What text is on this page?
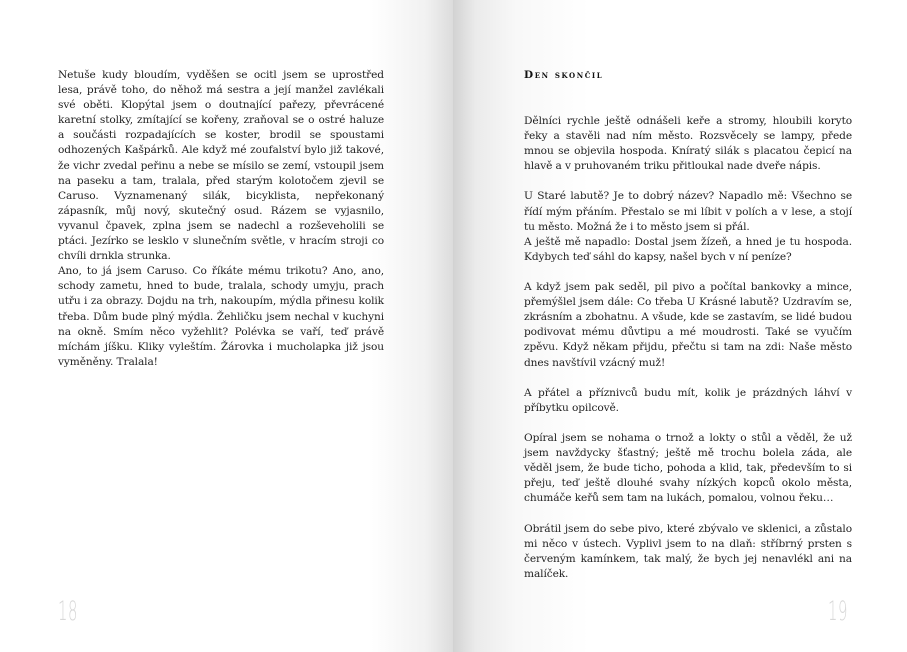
Netuše kudy bloudím, vyděšen se ocitl jsem se uprostřed lesa, právě toho, do něhož má sestra a její manžel zavlékali své oběti. Klopýtal jsem o doutnající pařezy, převrácené karetní stolky, zmítající se kořeny, zraňoval se o ostré haluze a součásti rozpadajících se koster, brodil se spoustami odhozených Kašpárků. Ale když mé zoufalství bylo již takové, že vichr zvedal peřinu a nebe se mísilo se zemí, vstoupil jsem na paseku a tam, tralala, před starým kolotočem zjevil se Caruso. Vyznamenaný silák, bicyklista, nepřekonaný zápasník, můj nový, skutečný osud. Rázem se vyjasnilo, vyvanul čpavek, zplna jsem se nadechl a rozševeholili se ptáci. Jezírko se lesklo v slunečním světle, v hracím stroji co chvíli drnkla strunka.

Ano, to já jsem Caruso. Co říkáte mému trikotu? Ano, ano, schody zametu, hned to bude, tralala, schody umyju, prach utřu i za obrazy. Dojdu na trh, nakoupím, mýdla přinesu kolik třeba. Dům bude plný mýdla. Žehličku jsem nechal v kuchyni na okně. Smím něco vyžehlit? Polévka se vaří, teď právě míchám jíšku. Kliky vyleštím. Žárovka i mucholapka již jsou vyměněny. Tralala!

18
Den skončil

Dělníci rychle ještě odnášeli keře a stromy, hloubili koryto řeky a stavěli nad ním město. Rozsvěcely se lampy, přede mnou se objevila hospoda. Kníratý silák s placatou čepicí na hlavě a v pruhovaném triku přitloukal nade dveře nápis.

U Staré labutě? Je to dobrý název? Napadlo mě: Všechno se řídí mým přáním. Přestalo se mi líbit v polích a v lese, a stojí tu město. Možná že i to město jsem si přál.

A ještě mě napadlo: Dostal jsem žízeň, a hned je tu hospoda. Kdybych teď sáhl do kapsy, našel bych v ní peníze?

A když jsem pak seděl, pil pivo a počítal bankovky a mince, přemýšlel jsem dále: Co třeba U Krásné labutě? Uzdravím se, zkrásním a zbohatnu. A všude, kde se zastavím, se lidé budou podivovat mému důvtipu a mé moudrosti. Také se vyučím zpěvu. Když někam přijdu, přečtu si tam na zdi: Naše město dnes navštívil vzácný muž!

A přátel a příznivců budu mít, kolik je prázdných láhví v příbytku opilcově.

Opíral jsem se nohama o trnož a lokty o stůl a věděl, že už jsem navždycky šťastný; ještě mě trochu bolela záda, ale věděl jsem, že bude ticho, pohoda a klid, tak, především to si přeju, teď ještě dlouhé svahy nízkých kopců okolo města, chumáče keřů sem tam na lukách, pomalou, volnou řeku…

Obrátil jsem do sebe pivo, které zbývalo ve sklenici, a zůstalo mi něco v ústech. Vyplivl jsem to na dlaň: stříbrný prsten s červeným kamínkem, tak malý, že bych jej nenavlékl ani na malíček.

19
